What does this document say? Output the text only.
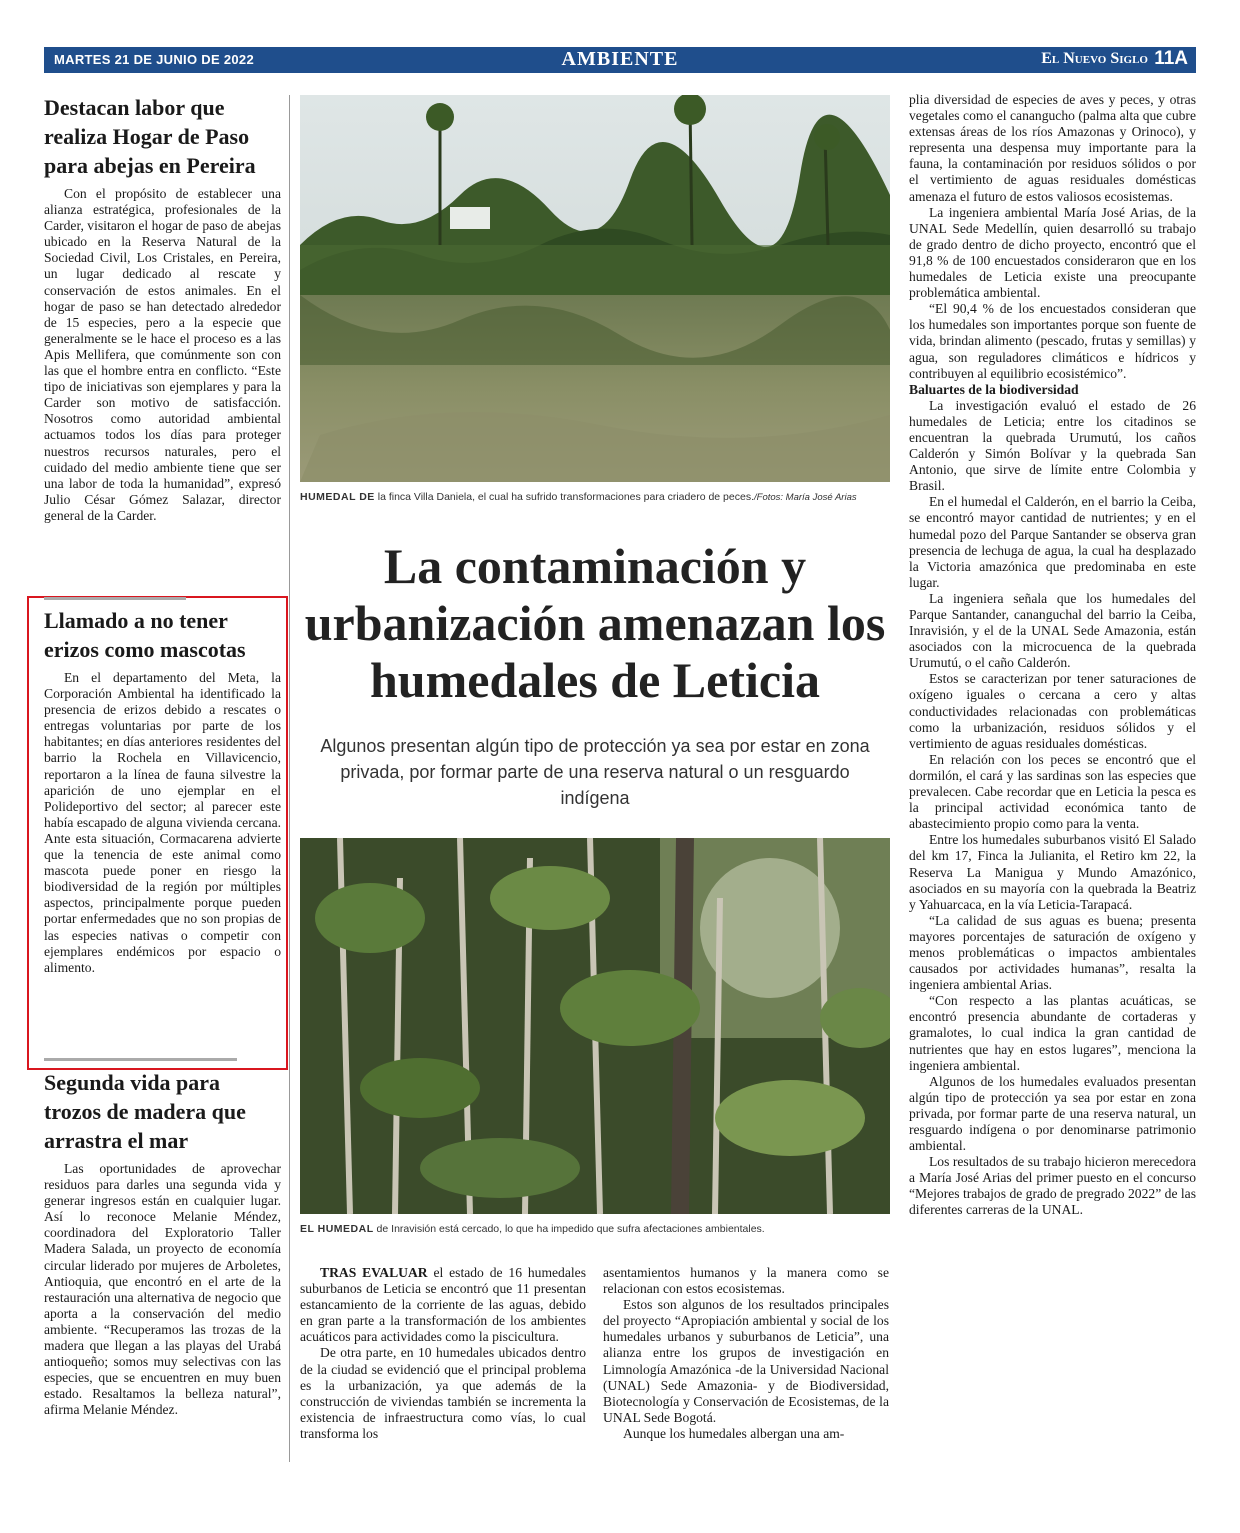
MARTES 21 DE JUNIO DE 2022	AMBIENTE	El Nuevo Siglo 11A
Destacan labor que realiza Hogar de Paso para abejas en Pereira

Con el propósito de establecer una alianza estratégica, profesionales de la Carder, visitaron el hogar de paso de abejas ubicado en la Reserva Natural de la Sociedad Civil, Los Cristales, en Pereira, un lugar dedicado al rescate y conservación de estos animales. En el hogar de paso se han detectado alrededor de 15 especies, pero a la especie que generalmente se le hace el proceso es a las Apis Mellifera, que comúnmente son con las que el hombre entra en conflicto. “Este tipo de iniciativas son ejemplares y para la Carder son motivo de satisfacción. Nosotros como autoridad ambiental actuamos todos los días para proteger nuestros recursos naturales, pero el cuidado del medio ambiente tiene que ser una labor de toda la humanidad”, expresó Julio César Gómez Salazar, director general de la Carder.

Llamado a no tener erizos como mascotas

En el departamento del Meta, la Corporación Ambiental ha identificado la presencia de erizos debido a rescates o entregas voluntarias por parte de los habitantes; en días anteriores residentes del barrio la Rochela en Villavicencio, reportaron a la línea de fauna silvestre la aparición de uno ejemplar en el Polideportivo del sector; al parecer este había escapado de alguna vivienda cercana. Ante esta situación, Cormacarena advierte que la tenencia de este animal como mascota puede poner en riesgo la biodiversidad de la región por múltiples aspectos, principalmente porque pueden portar enfermedades que no son propias de las especies nativas o competir con ejemplares endémicos por espacio o alimento.

Segunda vida para trozos de madera que arrastra el mar

Las oportunidades de aprovechar residuos para darles una segunda vida y generar ingresos están en cualquier lugar. Así lo reconoce Melanie Méndez, coordinadora del Exploratorio Taller Madera Salada, un proyecto de economía circular liderado por mujeres de Arboletes, Antioquia, que encontró en el arte de la restauración una alternativa de negocio que aporta a la conservación del medio ambiente. “Recuperamos las trozas de la madera que llegan a las playas del Urabá antioqueño; somos muy selectivas con las especies, que se encuentren en muy buen estado. Resaltamos la belleza natural”, afirma Melanie Méndez.

HUMEDAL DE la finca Villa Daniela, el cual ha sufrido transformaciones para criadero de peces./Fotos: María José Arias
La contaminación y urbanización amenazan los humedales de Leticia
Algunos presentan algún tipo de protección ya sea por estar en zona privada, por formar parte de una reserva natural o un resguardo indígena
EL HUMEDAL de Inravisión está cercado, lo que ha impedido que sufra afectaciones ambientales.

TRAS EVALUAR el estado de 16 humedales suburbanos de Leticia se encontró que 11 presentan estancamiento de la corriente de las aguas, debido en gran parte a la transformación de los ambientes acuáticos para actividades como la piscicultura.

De otra parte, en 10 humedales ubicados dentro de la ciudad se evidenció que el principal problema es la urbanización, ya que además de la construcción de viviendas también se incrementa la existencia de infraestructura como vías, lo cual transforma los

asentamientos humanos y la manera como se relacionan con estos ecosistemas.

Estos son algunos de los resultados principales del proyecto “Apropiación ambiental y social de los humedales urbanos y suburbanos de Leticia”, una alianza entre los grupos de investigación en Limnología Amazónica -de la Universidad Nacional (UNAL) Sede Amazonia- y de Biodiversidad, Biotecnología y Conservación de Ecosistemas, de la UNAL Sede Bogotá.

Aunque los humedales albergan una am-

plia diversidad de especies de aves y peces, y otras vegetales como el canangucho (palma alta que cubre extensas áreas de los ríos Amazonas y Orinoco), y representa una despensa muy importante para la fauna, la contaminación por residuos sólidos o por el vertimiento de aguas residuales domésticas amenaza el futuro de estos valiosos ecosistemas.

La ingeniera ambiental María José Arias, de la UNAL Sede Medellín, quien desarrolló su trabajo de grado dentro de dicho proyecto, encontró que el 91,8 % de 100 encuestados consideraron que en los humedales de Leticia existe una preocupante problemática ambiental.

“El 90,4 % de los encuestados consideran que los humedales son importantes porque son fuente de vida, brindan alimento (pescado, frutas y semillas) y agua, son reguladores climáticos e hídricos y contribuyen al equilibrio ecosistémico”.

Baluartes de la biodiversidad

La investigación evaluó el estado de 26 humedales de Leticia; entre los citadinos se encuentran la quebrada Urumutú, los caños Calderón y Simón Bolívar y la quebrada San Antonio, que sirve de límite entre Colombia y Brasil.

En el humedal el Calderón, en el barrio la Ceiba, se encontró mayor cantidad de nutrientes; y en el humedal pozo del Parque Santander se observa gran presencia de lechuga de agua, la cual ha desplazado la Victoria amazónica que predominaba en este lugar.

La ingeniera señala que los humedales del Parque Santander, cananguchal del barrio la Ceiba, Inravisión, y el de la UNAL Sede Amazonia, están asociados con la microcuenca de la quebrada Urumutú, o el caño Calderón.

Estos se caracterizan por tener saturaciones de oxígeno iguales o cercana a cero y altas conductividades relacionadas con problemáticas como la urbanización, residuos sólidos y el vertimiento de aguas residuales domésticas.

En relación con los peces se encontró que el dormilón, el cará y las sardinas son las especies que prevalecen. Cabe recordar que en Leticia la pesca es la principal actividad económica tanto de abastecimiento propio como para la venta.

Entre los humedales suburbanos visitó El Salado del km 17, Finca la Julianita, el Retiro km 22, la Reserva La Manigua y Mundo Amazónico, asociados en su mayoría con la quebrada la Beatriz y Yahuarcaca, en la vía Leticia-Tarapacá.

“La calidad de sus aguas es buena; presenta mayores porcentajes de saturación de oxígeno y menos problemáticas o impactos ambientales causados por actividades humanas”, resalta la ingeniera ambiental Arias.

“Con respecto a las plantas acuáticas, se encontró presencia abundante de cortaderas y gramalotes, lo cual indica la gran cantidad de nutrientes que hay en estos lugares”, menciona la ingeniera ambiental.

Algunos de los humedales evaluados presentan algún tipo de protección ya sea por estar en zona privada, por formar parte de una reserva natural, un resguardo indígena o por denominarse patrimonio ambiental.

Los resultados de su trabajo hicieron merecedora a María José Arias del primer puesto en el concurso “Mejores trabajos de grado de pregrado 2022” de las diferentes carreras de la UNAL.
